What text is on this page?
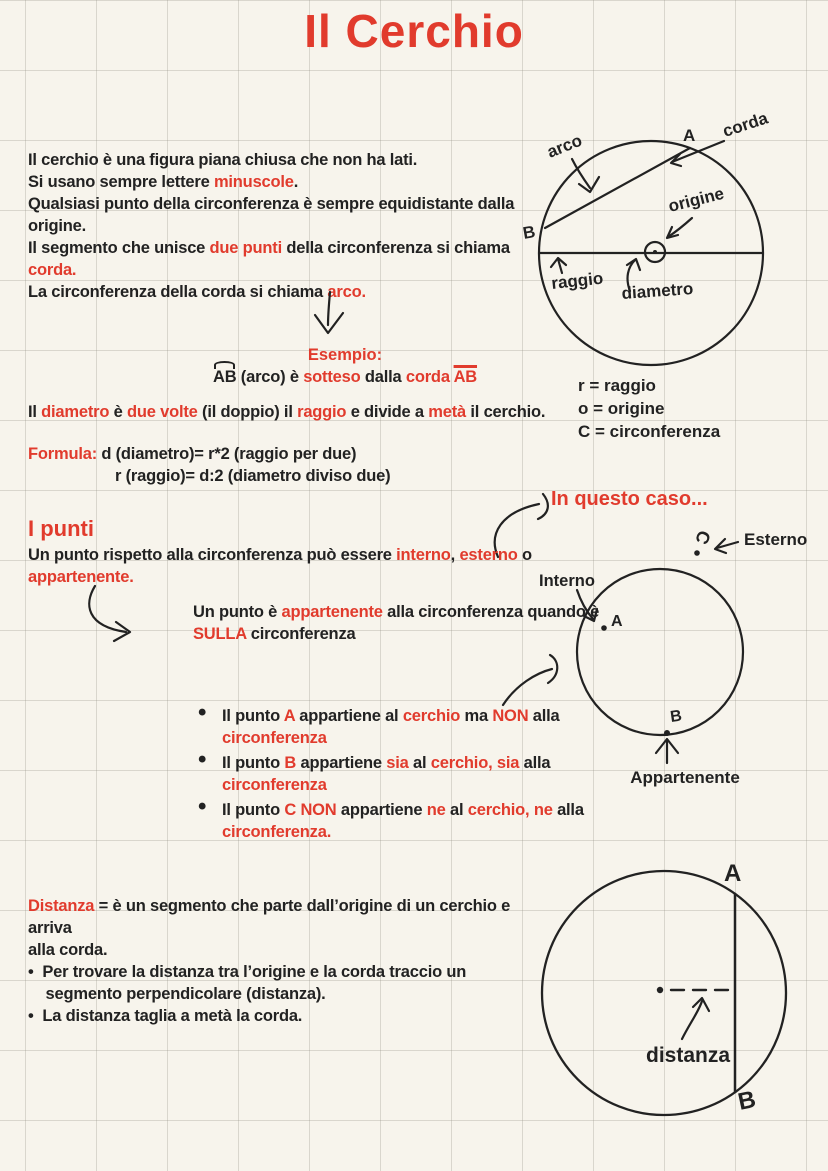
Il Cerchio
Il cerchio è una figura piana chiusa che non ha lati.
Si usano sempre lettere minuscole.
Qualsiasi punto della circonferenza è sempre equidistante dalla
origine.
Il segmento che unisce due punti della circonferenza si chiama
corda.
La circonferenza della corda si chiama arco.
Esempio:
AB (arco) è sotteso dalla corda $\overline{AB}$
Il diametro è due volte (il doppio) il raggio e divide a metà il cerchio.
Formula: d (diametro)= r*2 (raggio per due)
r (raggio)= d:2 (diametro diviso due)
In questo caso...
I punti
Un punto rispetto alla circonferenza può essere interno, esterno o
appartenente.
Un punto è appartenente alla circonferenza quando è
SULLA circonferenza
• Il punto A appartiene al cerchio ma NON alla
circonferenza
• Il punto B appartiene sia al cerchio, sia alla
circonferenza
• Il punto C NON appartiene ne al cerchio, ne alla
circonferenza.
Distanza = è un segmento che parte dall’origine di un cerchio e arriva
alla corda.
•  Per trovare la distanza tra l’origine e la corda traccio un
segmento perpendicolare (distanza).
•  La distanza taglia a metà la corda.
A
B
corda
arco
origine
raggio diametro
r = raggio
o = origine
C = circonferenza
A
Interno
B
Appartenente
C Esterno
A
B
distanza
